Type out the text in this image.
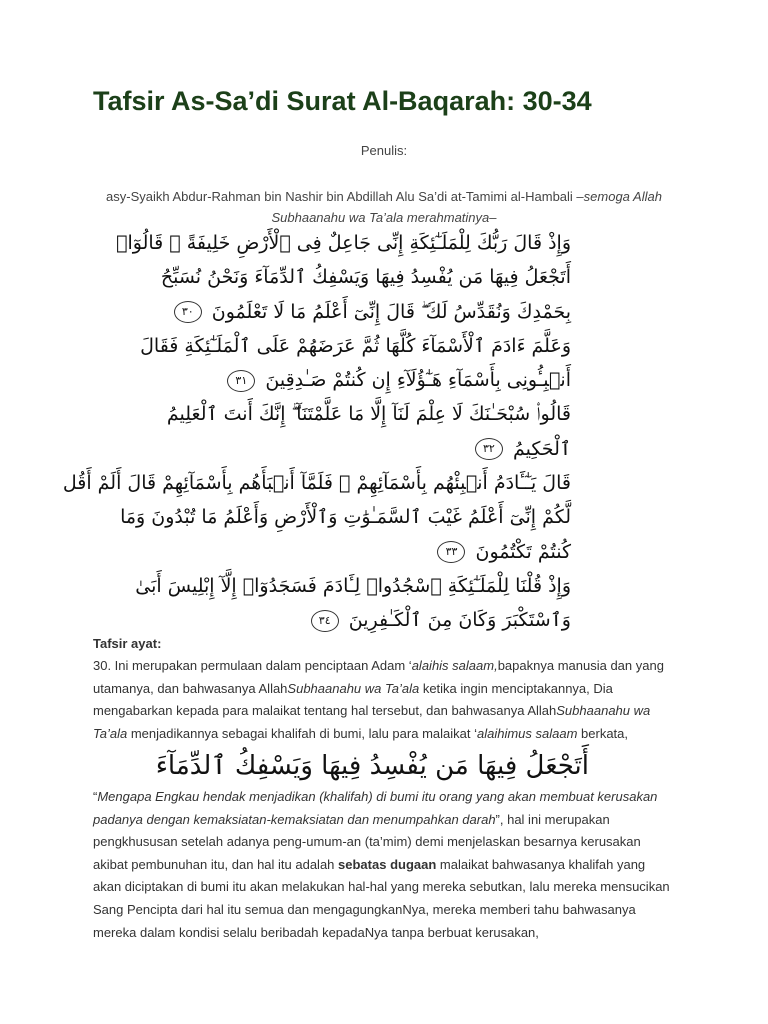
Tafsir As-Sa’di Surat Al-Baqarah: 30-34
Penulis:
asy-Syaikh Abdur-Rahman bin Nashir bin Abdillah Alu Sa’di at-Tamimi al-Hambali –semoga Allah Subhaanahu wa Ta’ala merahmatinya–
وَإِذْ قَالَ رَبُّكَ لِلْمَلَـٰٓئِكَةِ إِنِّى جَاعِلٌ فِى ٱلْأَرْضِ خَلِيفَةً ۖ قَالُوٓا۟
أَتَجْعَلُ فِيهَا مَن يُفْسِدُ فِيهَا وَيَسْفِكُ ٱلدِّمَآءَ وَنَحْنُ نُسَبِّحُ
بِحَمْدِكَ وَنُقَدِّسُ لَكَ ۖ قَالَ إِنِّىٓ أَعْلَمُ مَا لَا تَعْلَمُونَ ٣٠
وَعَلَّمَ ءَادَمَ ٱلْأَسْمَآءَ كُلَّهَا ثُمَّ عَرَضَهُمْ عَلَى ٱلْمَلَـٰٓئِكَةِ فَقَالَ
أَنۢبِـُٔونِى بِأَسْمَآءِ هَـٰٓؤُلَآءِ إِن كُنتُمْ صَـٰدِقِينَ ٣١
قَالُوا۟ سُبْحَـٰنَكَ لَا عِلْمَ لَنَآ إِلَّا مَا عَلَّمْتَنَآ ۖ إِنَّكَ أَنتَ ٱلْعَلِيمُ
ٱلْحَكِيمُ ٣٢
قَالَ يَـٰٓـَٔادَمُ أَنۢبِئْهُم بِأَسْمَآئِهِمْ ۖ فَلَمَّآ أَنۢبَأَهُم بِأَسْمَآئِهِمْ قَالَ أَلَمْ أَقُل
لَّكُمْ إِنِّىٓ أَعْلَمُ غَيْبَ ٱلسَّمَـٰوَٰتِ وَٱلْأَرْضِ وَأَعْلَمُ مَا تُبْدُونَ وَمَا
كُنتُمْ تَكْتُمُونَ ٣٣
وَإِذْ قُلْنَا لِلْمَلَـٰٓئِكَةِ ٱسْجُدُوا۟ لِـَٔادَمَ فَسَجَدُوٓا۟ إِلَّآ إِبْلِيسَ أَبَىٰ
وَٱسْتَكْبَرَ وَكَانَ مِنَ ٱلْكَـٰفِرِينَ ٣٤
Tafsir ayat:
30. Ini merupakan permulaan dalam penciptaan Adam ‘alaihis salaam,bapaknya manusia dan yang utamanya, dan bahwasanya AllahSubhaanahu wa Ta’ala ketika ingin menciptakannya, Dia mengabarkan kepada para malaikat tentang hal tersebut, dan bahwasanya AllahSubhaanahu wa Ta’ala menjadikannya sebagai khalifah di bumi, lalu para malaikat ‘alaihimus salaam berkata,
أَتَجْعَلُ فِيهَا مَن يُفْسِدُ فِيهَا وَيَسْفِكُ ٱلدِّمَآءَ
“Mengapa Engkau hendak menjadikan (khalifah) di bumi itu orang yang akan membuat kerusakan padanya dengan kemaksiatan-kemaksiatan dan menumpahkan darah”, hal ini merupakan pengkhususan setelah adanya peng-umum-an (ta’mim) demi menjelaskan besarnya kerusakan akibat pembunuhan itu, dan hal itu adalah sebatas dugaan malaikat bahwasanya khalifah yang akan diciptakan di bumi itu akan melakukan hal-hal yang mereka sebutkan, lalu mereka mensucikan Sang Pencipta dari hal itu semua dan mengagungkanNya, mereka memberi tahu bahwasanya mereka dalam kondisi selalu beribadah kepadaNya tanpa berbuat kerusakan,
